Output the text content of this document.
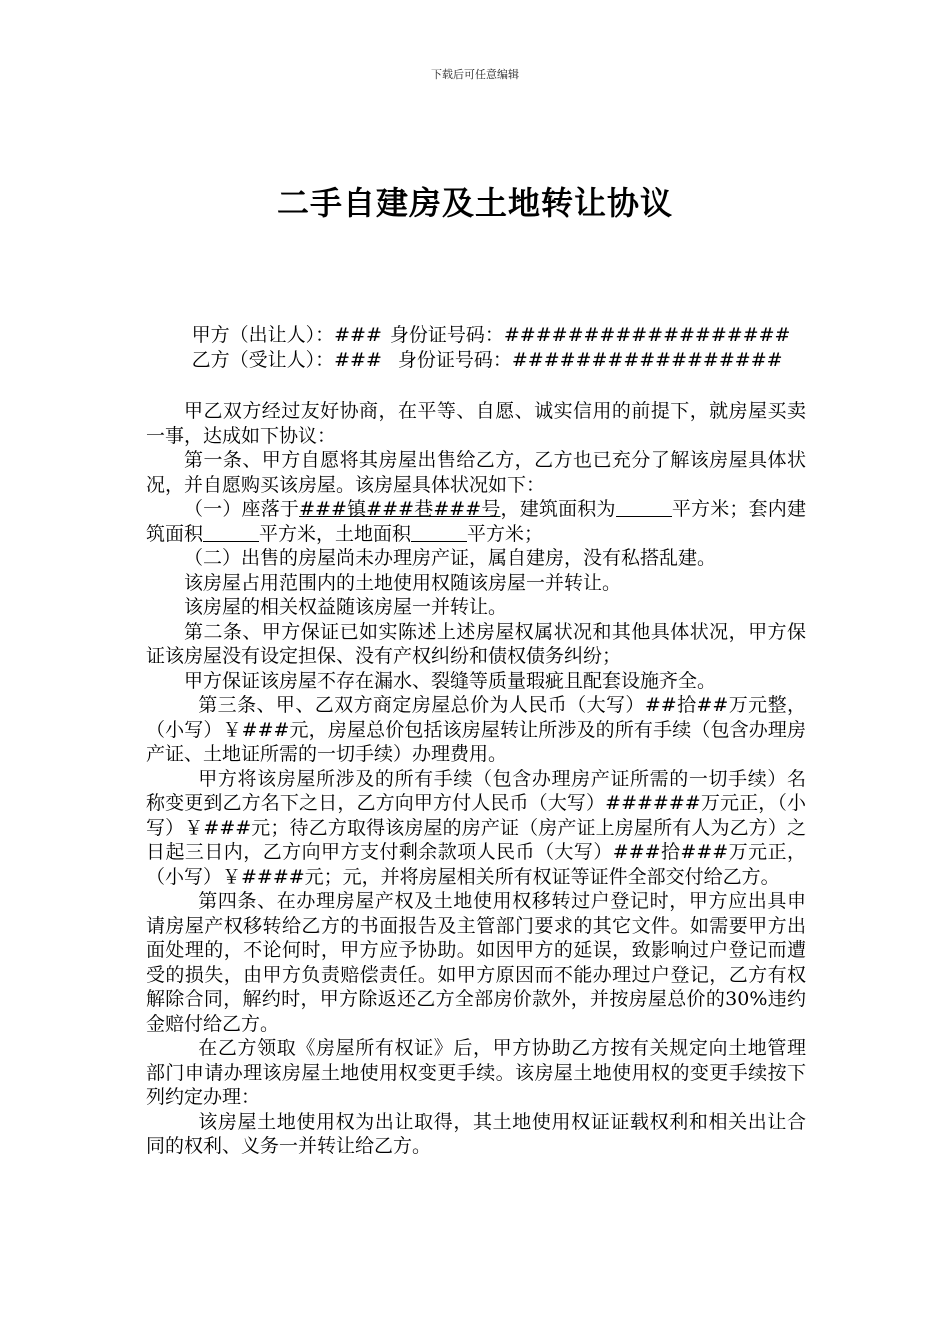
下载后可任意编辑
二手自建房及土地转让协议

甲方（出让人）：### 身份证号码：##################

乙方（受让人）：### 身份证号码：#################

甲乙双方经过友好协商，在平等、自愿、诚实信用的前提下，就房屋买卖一事，达成如下协议：

第一条、甲方自愿将其房屋出售给乙方，乙方也已充分了解该房屋具体状况，并自愿购买该房屋。该房屋具体状况如下：

（一）座落于###镇###巷###号，建筑面积为	平方米；套内建筑面积	平方米，土地面积	平方米；

（二）出售的房屋尚未办理房产证，属自建房，没有私搭乱建。

该房屋占用范围内的土地使用权随该房屋一并转让。

该房屋的相关权益随该房屋一并转让。

第二条、甲方保证已如实陈述上述房屋权属状况和其他具体状况，甲方保证该房屋没有设定担保、没有产权纠纷和债权债务纠纷；

甲方保证该房屋不存在漏水、裂缝等质量瑕疵且配套设施齐全。

第三条、甲、乙双方商定房屋总价为人民币（大写）##拾##万元整，（小写）￥###元，房屋总价包括该房屋转让所涉及的所有手续（包含办理房产证、土地证所需的一切手续）办理费用。

甲方将该房屋所涉及的所有手续（包含办理房产证所需的一切手续）名称变更到乙方名下之日，乙方向甲方付人民币（大写）######万元正，（小写）￥###元；待乙方取得该房屋的房产证（房产证上房屋所有人为乙方）之日起三日内，乙方向甲方支付剩余款项人民币（大写）###拾###万元正，（小写）￥####元；元，并将房屋相关所有权证等证件全部交付给乙方。

第四条、在办理房屋产权及土地使用权移转过户登记时，甲方应出具申请房屋产权移转给乙方的书面报告及主管部门要求的其它文件。如需要甲方出面处理的，不论何时，甲方应予协助。如因甲方的延误，致影响过户登记而遭受的损失，由甲方负责赔偿责任。如甲方原因而不能办理过户登记，乙方有权解除合同，解约时，甲方除返还乙方全部房价款外，并按房屋总价的30%违约金赔付给乙方。

在乙方领取《房屋所有权证》后，甲方协助乙方按有关规定向土地管理部门申请办理该房屋土地使用权变更手续。该房屋土地使用权的变更手续按下列约定办理：

该房屋土地使用权为出让取得，其土地使用权证证载权利和相关出让合同的权利、义务一并转让给乙方。
